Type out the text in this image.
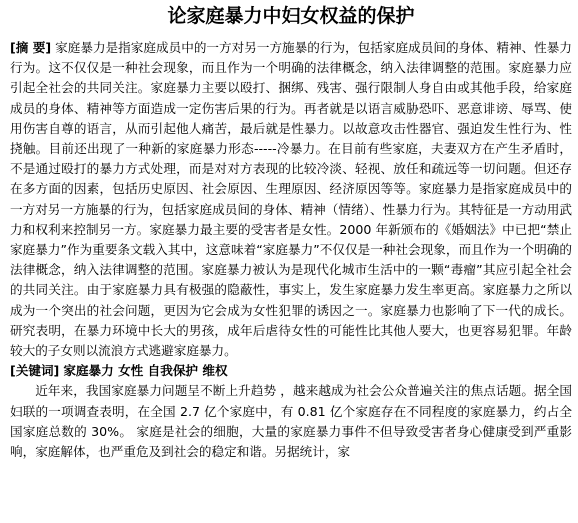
论家庭暴力中妇女权益的保护

[摘 要] 家庭暴力是指家庭成员中的一方对另一方施暴的行为，包括家庭成员间的身体、精神、性暴力行为。这不仅仅是一种社会现象，而且作为一个明确的法律概念，纳入法律调整的范围。家庭暴力应引起全社会的共同关注。家庭暴力主要以殴打、捆绑、残害、强行限制人身自由或其他手段，给家庭成员的身体、精神等方面造成一定伤害后果的行为。再者就是以语言威胁恐吓、恶意诽谤、辱骂、使用伤害自尊的语言，从而引起他人痛苦，最后就是性暴力。以故意攻击性器官、强迫发生性行为、性挠触。目前还出现了一种新的家庭暴力形态-----冷暴力。在目前有些家庭，夫妻双方在产生矛盾时，不是通过殴打的暴力方式处理，而是对对方表现的比较冷淡、轻视、放任和疏远等一切问题。但还存在多方面的因素，包括历史原因、社会原因、生理原因、经济原因等等。家庭暴力是指家庭成员中的一方对另一方施暴的行为，包括家庭成员间的身体、精神（情绪）、性暴力行为。其特征是一方动用武力和权利来控制另一方。家庭暴力最主要的受害者是女性。2000 年新颁布的《婚姻法》中已把“禁止家庭暴力”作为重要条文载入其中，这意味着“家庭暴力”不仅仅是一种社会现象，而且作为一个明确的法律概念，纳入法律调整的范围。家庭暴力被认为是现代化城市生活中的一颗“毒瘤”其应引起全社会的共同关注。由于家庭暴力具有极强的隐蔽性，事实上，发生家庭暴力发生率更高。家庭暴力之所以成为一个突出的社会问题，更因为它会成为女性犯罪的诱因之一。家庭暴力也影响了下一代的成长。研究表明，在暴力环境中长大的男孩，成年后虐待女性的可能性比其他人要大，也更容易犯罪。年龄较大的子女则以流浪方式逃避家庭暴力。

[关键词] 家庭暴力 女性 自我保护 维权

近年来，我国家庭暴力问题呈不断上升趋势 ，越来越成为社会公众普遍关注的焦点话题。据全国妇联的一项调查表明，在全国 2.7 亿个家庭中，有 0.81 亿个家庭存在不同程度的家庭暴力，约占全国家庭总数的 30%。 家庭是社会的细胞，大量的家庭暴力事件不但导致受害者身心健康受到严重影响，家庭解体，也严重危及到社会的稳定和谐。另据统计，家
